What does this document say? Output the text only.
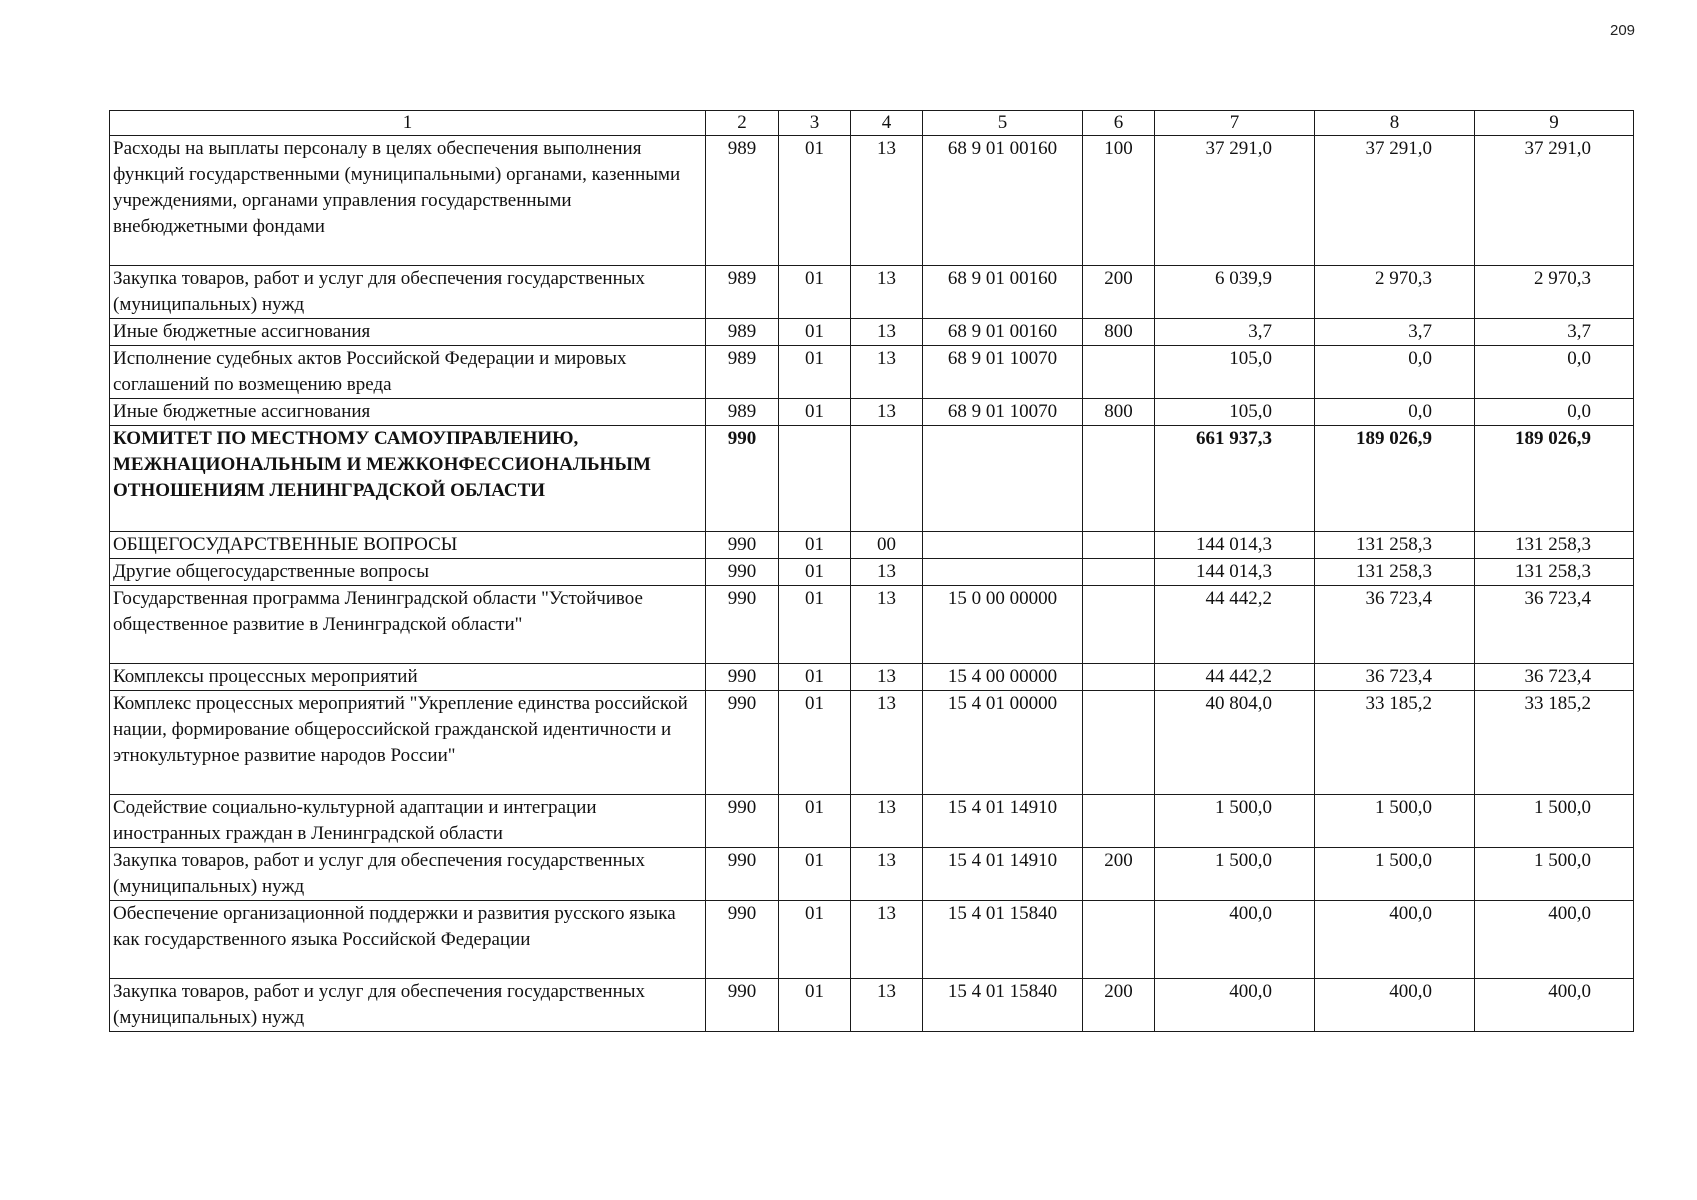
209
1	2	3	4	5	6	7	8	9
Расходы на выплаты персоналу в целях обеспечения выполнения функций государственными (муниципальными) органами, казенными учреждениями, органами управления государственными внебюджетными фондами	989	01	13	68 9 01 00160	100	37 291,0	37 291,0	37 291,0
Закупка товаров, работ и услуг для обеспечения государственных (муниципальных) нужд	989	01	13	68 9 01 00160	200	6 039,9	2 970,3	2 970,3
Иные бюджетные ассигнования	989	01	13	68 9 01 00160	800	3,7	3,7	3,7
Исполнение судебных актов Российской Федерации и мировых соглашений по возмещению вреда	989	01	13	68 9 01 10070		105,0	0,0	0,0
Иные бюджетные ассигнования	989	01	13	68 9 01 10070	800	105,0	0,0	0,0
КОМИТЕТ ПО МЕСТНОМУ САМОУПРАВЛЕНИЮ, МЕЖНАЦИОНАЛЬНЫМ И МЕЖКОНФЕССИОНАЛЬНЫМ ОТНОШЕНИЯМ ЛЕНИНГРАДСКОЙ ОБЛАСТИ	990					661 937,3	189 026,9	189 026,9
ОБЩЕГОСУДАРСТВЕННЫЕ ВОПРОСЫ	990	01	00			144 014,3	131 258,3	131 258,3
Другие общегосударственные вопросы	990	01	13			144 014,3	131 258,3	131 258,3
Государственная программа Ленинградской области "Устойчивое общественное развитие в Ленинградской области"	990	01	13	15 0 00 00000		44 442,2	36 723,4	36 723,4
Комплексы процессных мероприятий	990	01	13	15 4 00 00000		44 442,2	36 723,4	36 723,4
Комплекс процессных мероприятий "Укрепление единства российской нации, формирование общероссийской гражданской идентичности и этнокультурное развитие народов России"	990	01	13	15 4 01 00000		40 804,0	33 185,2	33 185,2
Содействие социально-культурной адаптации и интеграции иностранных граждан в Ленинградской области	990	01	13	15 4 01 14910		1 500,0	1 500,0	1 500,0
Закупка товаров, работ и услуг для обеспечения государственных (муниципальных) нужд	990	01	13	15 4 01 14910	200	1 500,0	1 500,0	1 500,0
Обеспечение организационной поддержки и развития русского языка как государственного языка Российской Федерации	990	01	13	15 4 01 15840		400,0	400,0	400,0
Закупка товаров, работ и услуг для обеспечения государственных (муниципальных) нужд	990	01	13	15 4 01 15840	200	400,0	400,0	400,0
